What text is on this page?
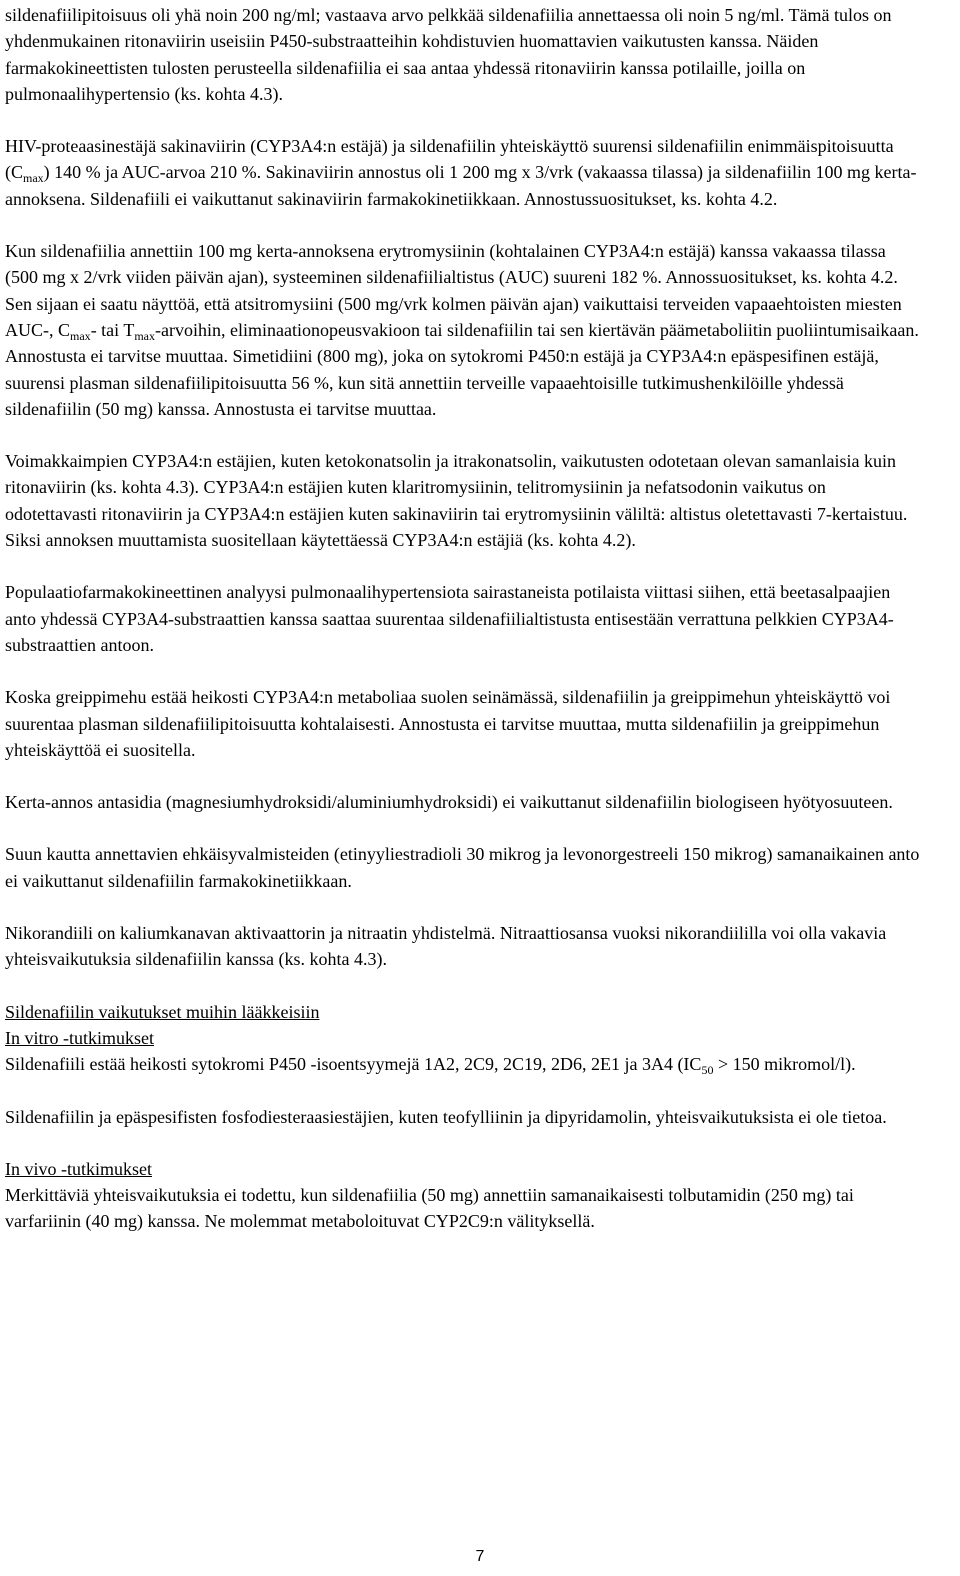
sildenafiilipitoisuus oli yhä noin 200 ng/ml; vastaava arvo pelkkää sildenafiilia annettaessa oli noin 5 ng/ml. Tämä tulos on yhdenmukainen ritonaviirin useisiin P450-substraatteihin kohdistuvien huomattavien vaikutusten kanssa. Näiden farmakokineettisten tulosten perusteella sildenafiilia ei saa antaa yhdessä ritonaviirin kanssa potilaille, joilla on pulmonaalihypertensio (ks. kohta 4.3).

HIV-proteaasinestäjä sakinaviirin (CYP3A4:n estäjä) ja sildenafiilin yhteiskäyttö suurensi sildenafiilin enimmäispitoisuutta $(C_{max})$ 140 % ja AUC-arvoa 210 %. Sakinaviirin annostus oli 1 200 mg x 3/vrk (vakaassa tilassa) ja sildenafiilin 100 mg kerta-annoksena. Sildenafiili ei vaikuttanut sakinaviirin farmakokinetiikkaan. Annostussuositukset, ks. kohta 4.2.

Kun sildenafiilia annettiin 100 mg kerta-annoksena erytromysiinin (kohtalainen CYP3A4:n estäjä) kanssa vakaassa tilassa (500 mg x 2/vrk viiden päivän ajan), systeeminen sildenafiilialtistus (AUC) suureni 182 %. Annossuositukset, ks. kohta 4.2. Sen sijaan ei saatu näyttöä, että atsitromysiini (500 mg/vrk kolmen päivän ajan) vaikuttaisi terveiden vapaaehtoisten miesten AUC-, $C_{max}-$ tai $T_{max}$-arvoihin, eliminaationopeusvakioon tai sildenafiilin tai sen kiertävän päämetaboliitin puoliintumisaikaan. Annostusta ei tarvitse muuttaa. Simetidiini (800 mg), joka on sytokromi P450:n estäjä ja CYP3A4:n epäspesifinen estäjä, suurensi plasman sildenafiilipitoisuutta 56 %, kun sitä annettiin terveille vapaaehtoisille tutkimushenkilöille yhdessä sildenafiilin (50 mg) kanssa. Annostusta ei tarvitse muuttaa.

Voimakkaimpien CYP3A4:n estäjien, kuten ketokonatsolin ja itrakonatsolin, vaikutusten odotetaan olevan samanlaisia kuin ritonaviirin (ks. kohta 4.3). CYP3A4:n estäjien kuten klaritromysiinin, telitromysiinin ja nefatsodonin vaikutus on odotettavasti ritonaviirin ja CYP3A4:n estäjien kuten sakinaviirin tai erytromysiinin väliltä: altistus oletettavasti 7-kertaistuu. Siksi annoksen muuttamista suositellaan käytettäessä CYP3A4:n estäjiä (ks. kohta 4.2).

Populaatiofarmakokineettinen analyysi pulmonaalihypertensiota sairastaneista potilaista viittasi siihen, että beetasalpaajien anto yhdessä CYP3A4-substraattien kanssa saattaa suurentaa sildenafiilialtistusta entisestään verrattuna pelkkien CYP3A4-substraattien antoon.

Koska greippimehu estää heikosti CYP3A4:n metaboliaa suolen seinämässä, sildenafiilin ja greippimehun yhteiskäyttö voi suurentaa plasman sildenafiilipitoisuutta kohtalaisesti. Annostusta ei tarvitse muuttaa, mutta sildenafiilin ja greippimehun yhteiskäyttöä ei suositella.

Kerta-annos antasidia (magnesiumhydroksidi/aluminiumhydroksidi) ei vaikuttanut sildenafiilin biologiseen hyötyosuuteen.

Suun kautta annettavien ehkäisyvalmisteiden (etinyyliestradioli 30 mikrog ja levonorgestreeli 150 mikrog) samanaikainen anto ei vaikuttanut sildenafiilin farmakokinetiikkaan.

Nikorandiili on kaliumkanavan aktivaattorin ja nitraatin yhdistelmä. Nitraattiosansa vuoksi nikorandiililla voi olla vakavia yhteisvaikutuksia sildenafiilin kanssa (ks. kohta 4.3).

Sildenafiilin vaikutukset muihin lääkkeisiin

In vitro -tutkimukset

Sildenafiili estää heikosti sytokromi P450 -isoentsyymejä 1A2, 2C9, 2C19, 2D6, 2E1 ja 3A4 ($IC_{50} > 150$ mikromol/l).

Sildenafiilin ja epäspesifisten fosfodiesteraasiestäjien, kuten teofylliinin ja dipyridamolin, yhteisvaikutuksista ei ole tietoa.

In vivo -tutkimukset

Merkittäviä yhteisvaikutuksia ei todettu, kun sildenafiilia (50 mg) annettiin samanaikaisesti tolbutamidin (250 mg) tai varfariinin (40 mg) kanssa. Ne molemmat metaboloituvat CYP2C9:n välityksellä.

7
